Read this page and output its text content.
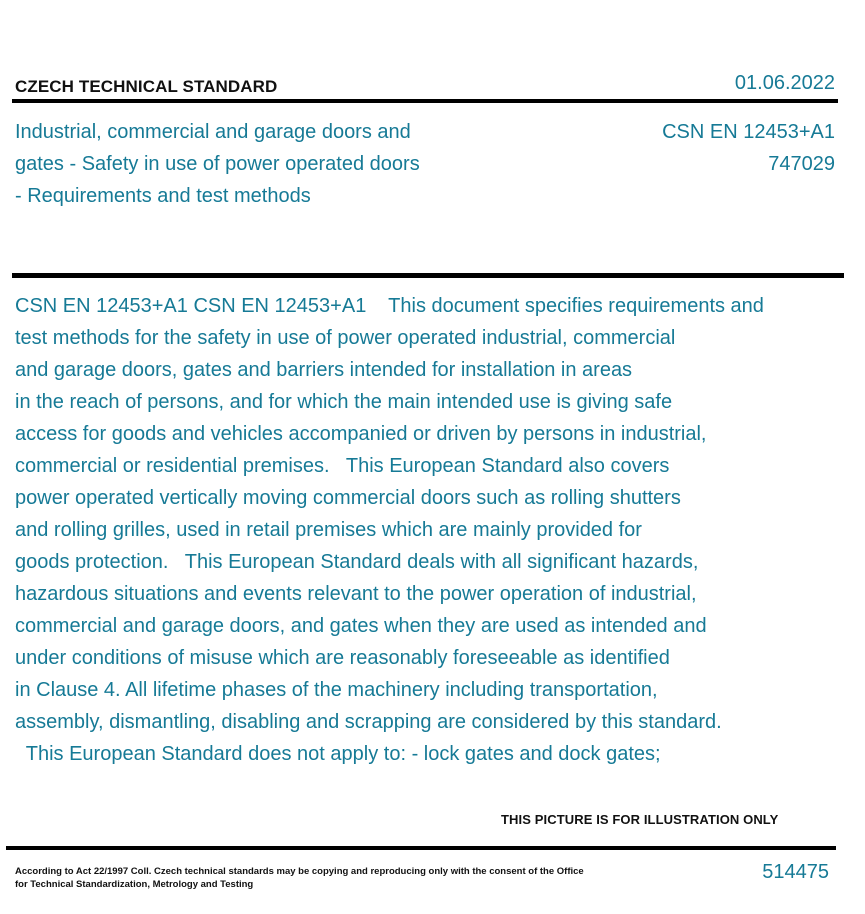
CZECH TECHNICAL STANDARD	01.06.2022
Industrial, commercial and garage doors and
gates - Safety in use of power operated doors
- Requirements and test methods
CSN EN 12453+A1
747029
CSN EN 12453+A1 CSN EN 12453+A1    This document specifies requirements and
test methods for the safety in use of power operated industrial, commercial
and garage doors, gates and barriers intended for installation in areas
in the reach of persons, and for which the main intended use is giving safe
access for goods and vehicles accompanied or driven by persons in industrial,
commercial or residential premises.   This European Standard also covers
power operated vertically moving commercial doors such as rolling shutters
and rolling grilles, used in retail premises which are mainly provided for
goods protection.   This European Standard deals with all significant hazards,
hazardous situations and events relevant to the power operation of industrial,
commercial and garage doors, and gates when they are used as intended and
under conditions of misuse which are reasonably foreseeable as identified
in Clause 4. All lifetime phases of the machinery including transportation,
assembly, dismantling, disabling and scrapping are considered by this standard.
This European Standard does not apply to: - lock gates and dock gates;
THIS PICTURE IS FOR ILLUSTRATION ONLY
According to Act 22/1997 Coll. Czech technical standards may be copying and reproducing only with the consent of the Office
for Technical Standardization, Metrology and Testing
514475
